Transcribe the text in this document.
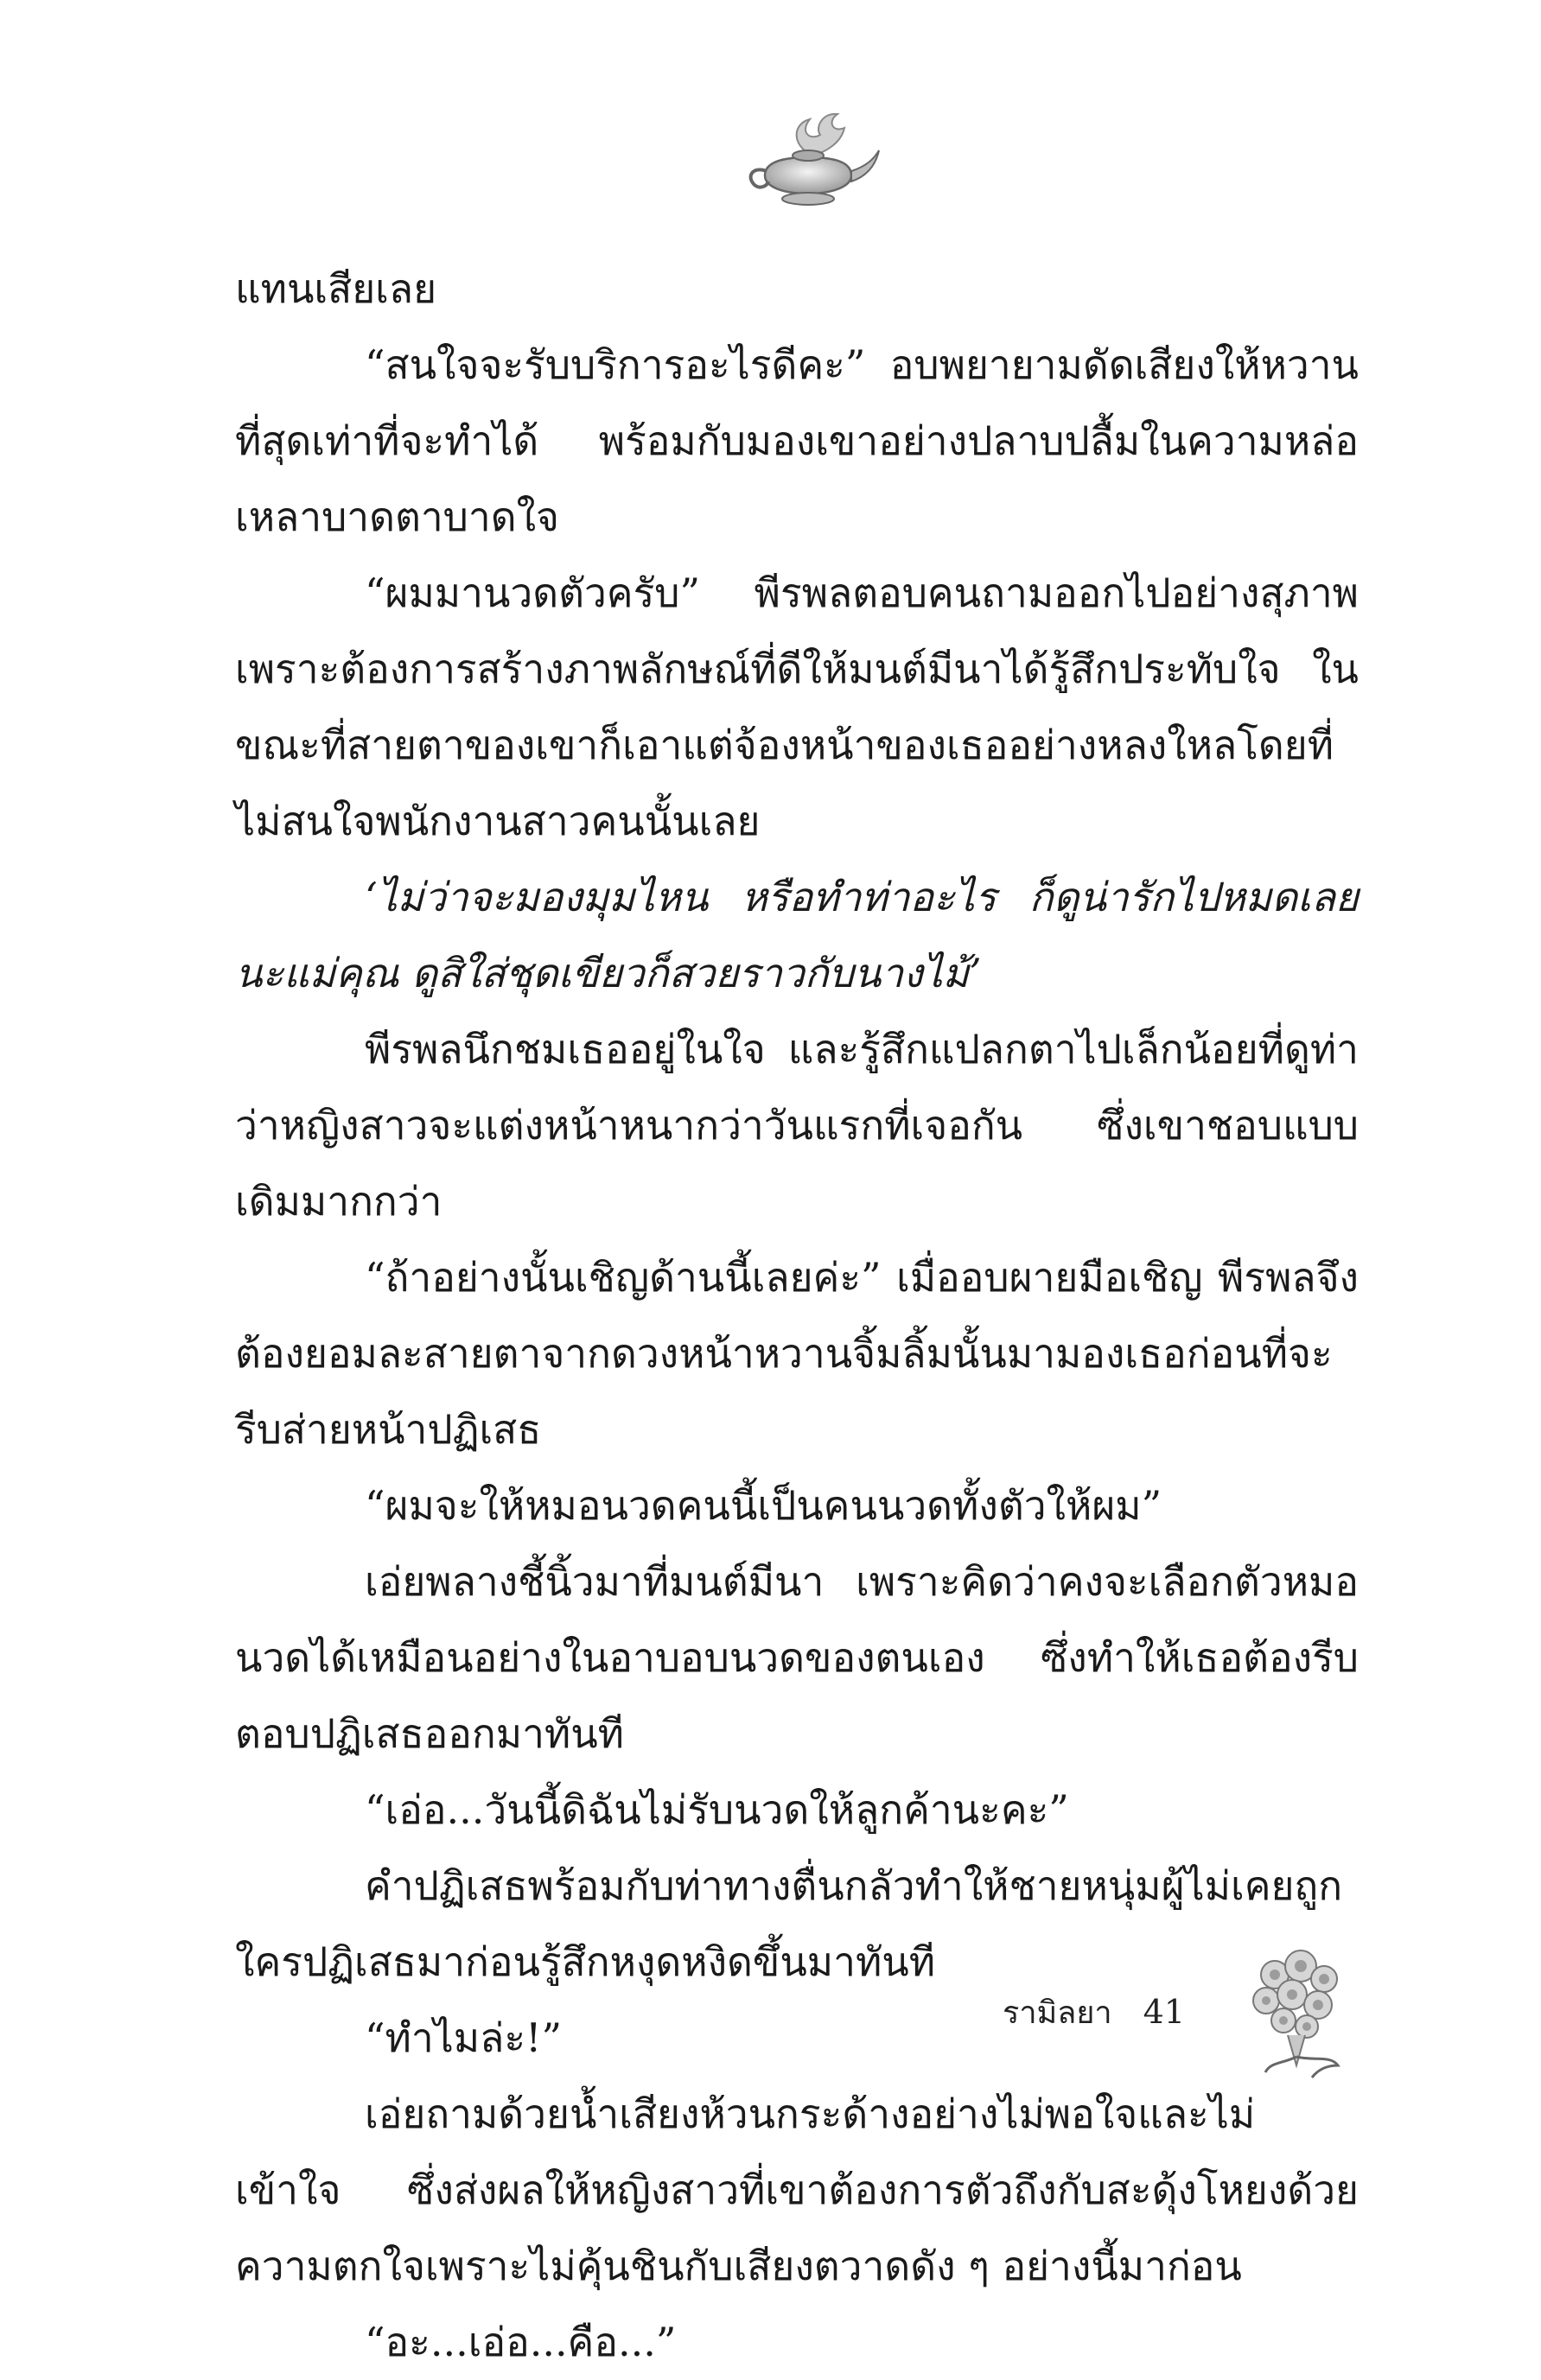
แทนเสียเลย

“สนใจจะรับบริการอะไรดีคะ” อบพยายามดัดเสียงให้หวานที่สุดเท่าที่จะทำได้ พร้อมกับมองเขาอย่างปลาบปลื้มในความหล่อเหลาบาดตาบาดใจ

“ผมมานวดตัวครับ” พีรพลตอบคนถามออกไปอย่างสุภาพ เพราะต้องการสร้างภาพลักษณ์ที่ดีให้มนต์มีนาได้รู้สึกประทับใจ ในขณะที่สายตาของเขาก็เอาแต่จ้องหน้าของเธออย่างหลงใหลโดยที่ไม่สนใจพนักงานสาวคนนั้นเลย

‘ไม่ว่าจะมองมุมไหน หรือทำท่าอะไร ก็ดูน่ารักไปหมดเลยนะแม่คุณ ดูสิใส่ชุดเขียวก็สวยราวกับนางไม้’

พีรพลนึกชมเธออยู่ในใจ และรู้สึกแปลกตาไปเล็กน้อยที่ดูท่าว่าหญิงสาวจะแต่งหน้าหนากว่าวันแรกที่เจอกัน ซึ่งเขาชอบแบบเดิมมากกว่า

“ถ้าอย่างนั้นเชิญด้านนี้เลยค่ะ” เมื่ออบผายมือเชิญ พีรพลจึงต้องยอมละสายตาจากดวงหน้าหวานจิ้มลิ้มนั้นมามองเธอก่อนที่จะรีบส่ายหน้าปฏิเสธ

“ผมจะให้หมอนวดคนนี้เป็นคนนวดทั้งตัวให้ผม”

เอ่ยพลางชี้นิ้วมาที่มนต์มีนา เพราะคิดว่าคงจะเลือกตัวหมอนวดได้เหมือนอย่างในอาบอบนวดของตนเอง ซึ่งทำให้เธอต้องรีบตอบปฏิเสธออกมาทันที

“เอ่อ...วันนี้ดิฉันไม่รับนวดให้ลูกค้านะคะ”

คำปฏิเสธพร้อมกับท่าทางตื่นกลัวทำให้ชายหนุ่มผู้ไม่เคยถูกใครปฏิเสธมาก่อนรู้สึกหงุดหงิดขึ้นมาทันที

“ทำไมล่ะ!”

เอ่ยถามด้วยน้ำเสียงห้วนกระด้างอย่างไม่พอใจและไม่เข้าใจ ซึ่งส่งผลให้หญิงสาวที่เขาต้องการตัวถึงกับสะดุ้งโหยงด้วยความตกใจเพราะไม่คุ้นชินกับเสียงตวาดดัง ๆ อย่างนี้มาก่อน

“อะ...เอ่อ...คือ...”

รามิลยา 41
